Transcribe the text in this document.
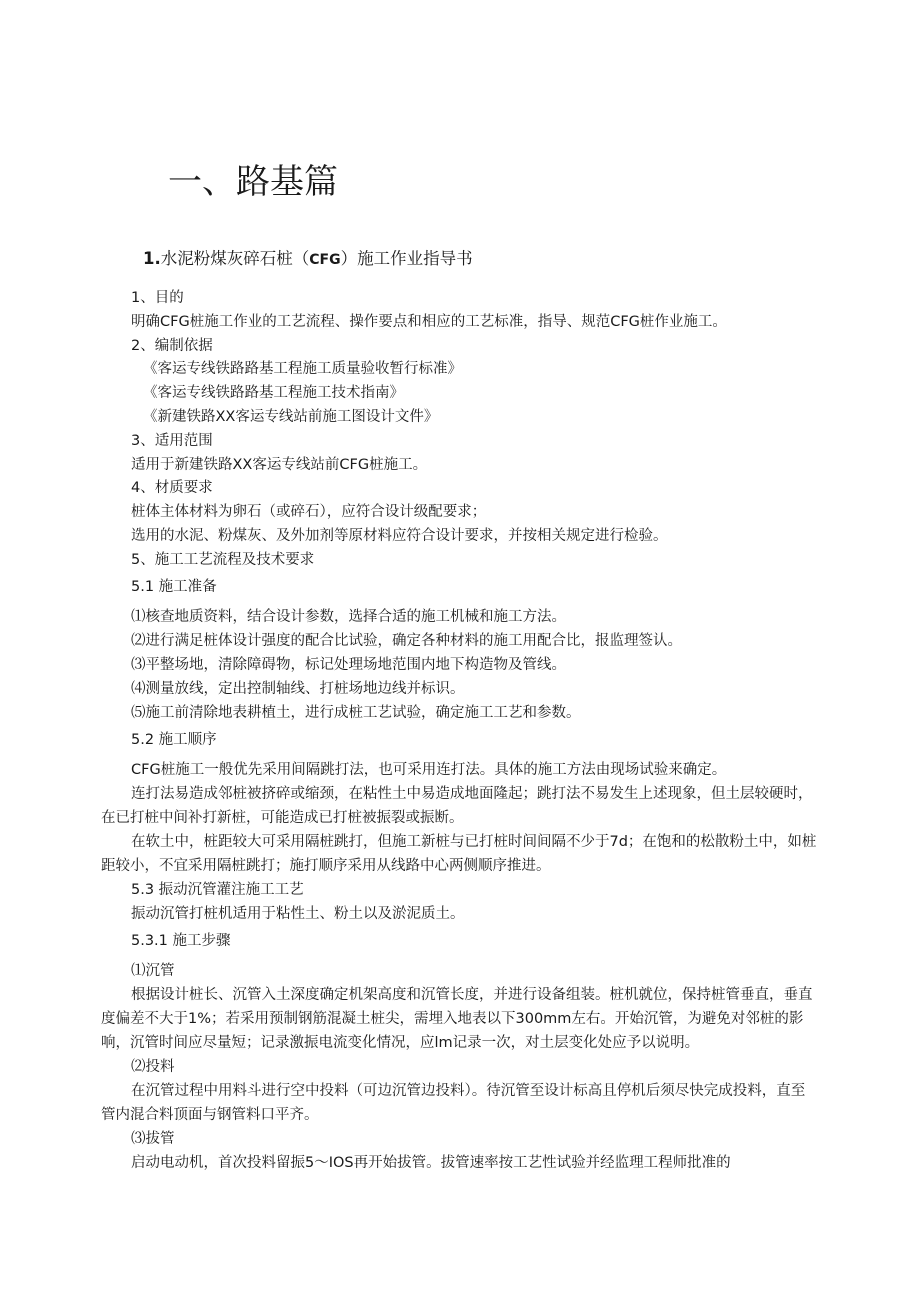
一、路基篇
1.水泥粉煤灰碎石桩（CFG）施工作业指导书
1、目的
明确CFG桩施工作业的工艺流程、操作要点和相应的工艺标准，指导、规范CFG桩作业施工。
2、编制依据
《客运专线铁路路基工程施工质量验收暂行标准》
《客运专线铁路路基工程施工技术指南》
《新建铁路XX客运专线站前施工图设计文件》
3、适用范围
适用于新建铁路XX客运专线站前CFG桩施工。
4、材质要求
桩体主体材料为卵石（或碎石），应符合设计级配要求；
选用的水泥、粉煤灰、及外加剂等原材料应符合设计要求，并按相关规定进行检验。
5、施工工艺流程及技术要求
5.1 施工准备
⑴核查地质资料，结合设计参数，选择合适的施工机械和施工方法。
⑵进行满足桩体设计强度的配合比试验，确定各种材料的施工用配合比，报监理签认。
⑶平整场地，清除障碍物，标记处理场地范围内地下构造物及管线。
⑷测量放线，定出控制轴线、打桩场地边线并标识。
⑸施工前清除地表耕植土，进行成桩工艺试验，确定施工工艺和参数。
5.2 施工顺序
CFG桩施工一般优先采用间隔跳打法，也可采用连打法。具体的施工方法由现场试验来确定。
连打法易造成邻桩被挤碎或缩颈，在粘性土中易造成地面隆起；跳打法不易发生上述现象，但土层较硬时，
在已打桩中间补打新桩，可能造成已打桩被振裂或振断。
在软土中，桩距较大可采用隔桩跳打，但施工新桩与已打桩时间间隔不少于7d；在饱和的松散粉土中，如桩
距较小，不宜采用隔桩跳打；施打顺序采用从线路中心两侧顺序推进。
5.3 振动沉管灌注施工工艺
振动沉管打桩机适用于粘性土、粉土以及淤泥质土。
5.3.1 施工步骤
⑴沉管
根据设计桩长、沉管入土深度确定机架高度和沉管长度，并进行设备组装。桩机就位，保持桩管垂直，垂直
度偏差不大于1%；若采用预制钢筋混凝土桩尖，需埋入地表以下300mm左右。开始沉管，为避免对邻桩的影
响，沉管时间应尽量短；记录激振电流变化情况，应lm记录一次，对土层变化处应予以说明。
⑵投料
在沉管过程中用料斗进行空中投料（可边沉管边投料）。待沉管至设计标高且停机后须尽快完成投料，直至
管内混合料顶面与钢管料口平齐。
⑶拔管
启动电动机，首次投料留振5～IOS再开始拔管。拔管速率按工艺性试验并经监理工程师批准的
